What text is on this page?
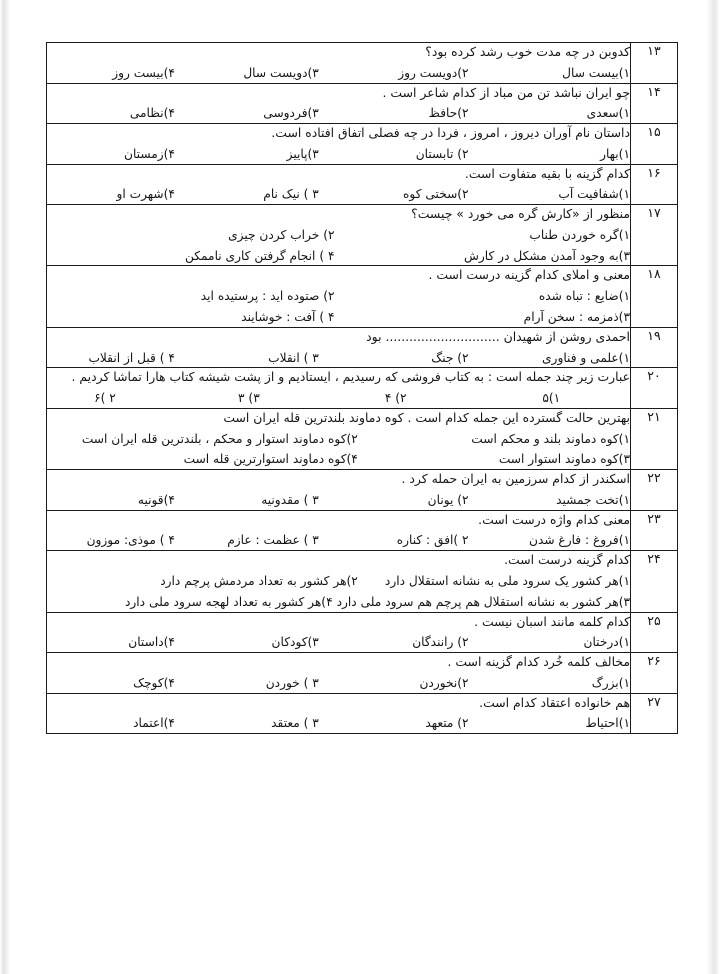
۱۳	کدوبن در چه مدت خوب رشد کرده بود؟
۱)بیست سال
۲)دویست روز
۳)دویست سال
۴)بیست روز

۱۴	چو ایران نباشد تن من مباد از کدام شاعر است .
۱)سعدی
۲)حافظ
۳)فردوسی
۴)نظامی

۱۵	داستان نام آوران دیروز ، امروز ، فردا در چه فصلی اتفاق افتاده است.
۱)بهار
۲) تابستان
۳)پاییز
۴)زمستان

۱۶	کدام گزینه با بقیه متفاوت است.
۱)شفافیت آب
۲)سختی کوه
۳ ) نیک نام
۴)شهرت او

۱۷	منظور از «کارش گره می خورد » چیست؟
۱)گره خوردن طناب
۲) خراب کردن چیزی
۳)به وجود آمدن مشکل در کارش
۴ ) انجام گرفتن کاری ناممکن

۱۸	معنی و املای کدام گزینه درست است .
۱)ضایع : تباه شده
۲) صتوده اید : پرستیده اید
۳)ذمزمه : سخن آرام
۴ ) آفت : خوشایند

۱۹	احمدی روشن از شهیدان ............................. بود
۱)علمی و فناوری
۲) جنگ
۳ ) انقلاب
۴ ) قبل از انقلاب

۲۰	عبارت زیر چند جمله است : به کتاب فروشی که رسیدیم ، ایستادیم و از پشت شیشه کتاب هارا تماشا کردیم .
۱)۵
۲) ۴
۳) ۳
۲ )۶

۲۱	بهترین حالت گسترده این جمله کدام است . کوه دماوند بلندترین قله ایران است
۱)کوه دماوند بلند و محکم است
۲)کوه دماوند استوار و محکم ، بلندترین قله ایران است
۳)کوه دماوند استوار است
۴)کوه دماوند استوارترین قله است

۲۲	اسکندر از کدام سرزمین به ایران حمله کرد .
۱)تخت جمشید
۲) یونان
۳ ) مقدونیه
۴)قونیه

۲۳	معنی کدام واژه درست است.
۱)فروغ : فارغ شدن
۲ )افق : کناره
۳ ) عظمت : عازم
۴ ) موذی: موزون

۲۴	کدام گزینه درست است.
۱)هر کشور یک سرود ملی به نشانه استقلال دارد
۲)هر کشور به تعداد مردمش پرچم دارد
۳)هر کشور به نشانه استقلال هم پرچم هم سرود ملی دارد
۴)هر کشور به تعداد لهجه سرود ملی دارد

۲۵	کدام کلمه مانند اسبان نیست .
۱)درختان
۲) رانندگان
۳)کودکان
۴)داستان

۲۶	مخالف کلمه خُرد کدام گزینه است .
۱)بزرگ
۲)نخوردن
۳ ) خوردن
۴)کوچک

۲۷	هم خانواده اعتقاد کدام است.
۱)احتیاط
۲) متعهد
۳ ) معتقد
۴)اعتماد
